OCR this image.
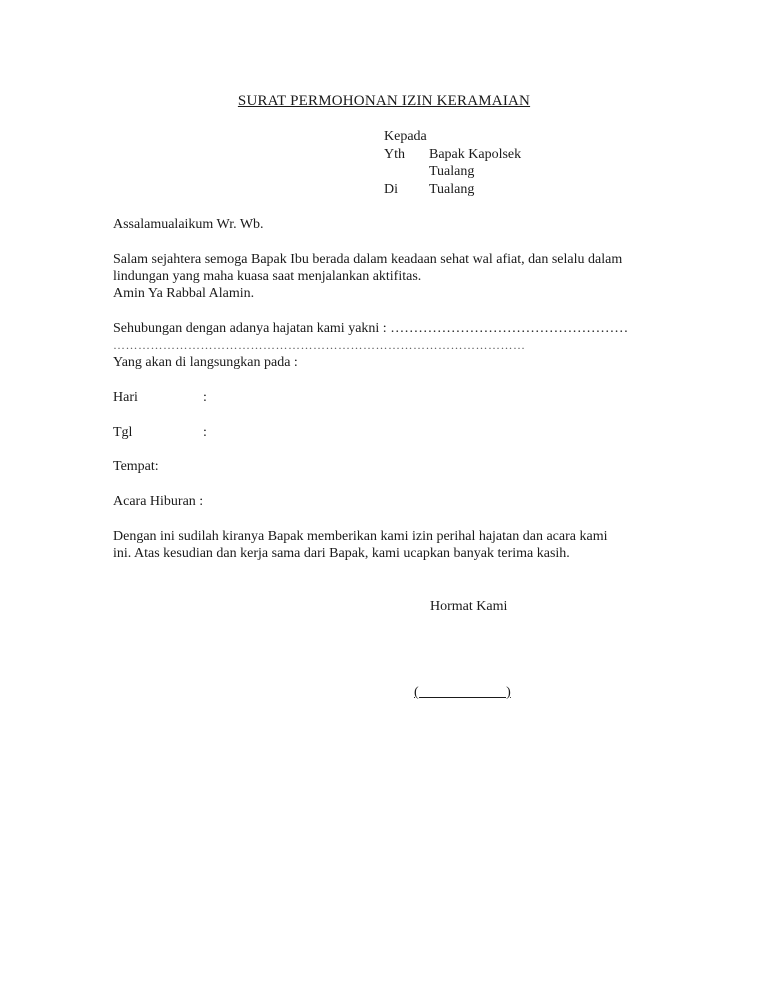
SURAT PERMOHONAN IZIN KERAMAIAN
Kepada
Yth Bapak Kapolsek
Tualang
Di Tualang
Assalamualaikum Wr. Wb.
Salam sejahtera semoga Bapak Ibu berada dalam keadaan sehat wal afiat, dan selalu dalam
lindungan yang maha kuasa saat menjalankan aktifitas.
Amin Ya Rabbal Alamin.
Sehubungan dengan adanya hajatan kami yakni : ……………………………………………
………………………………………………………………………………………
Yang akan di langsungkan pada :
Hari	:
Tgl	:
Tempat:
Acara Hiburan :
Dengan ini sudilah kiranya Bapak memberikan kami izin perihal hajatan dan acara kami
ini. Atas kesudian dan kerja sama dari Bapak, kami ucapkan banyak terima kasih.
Hormat Kami
(                         )
